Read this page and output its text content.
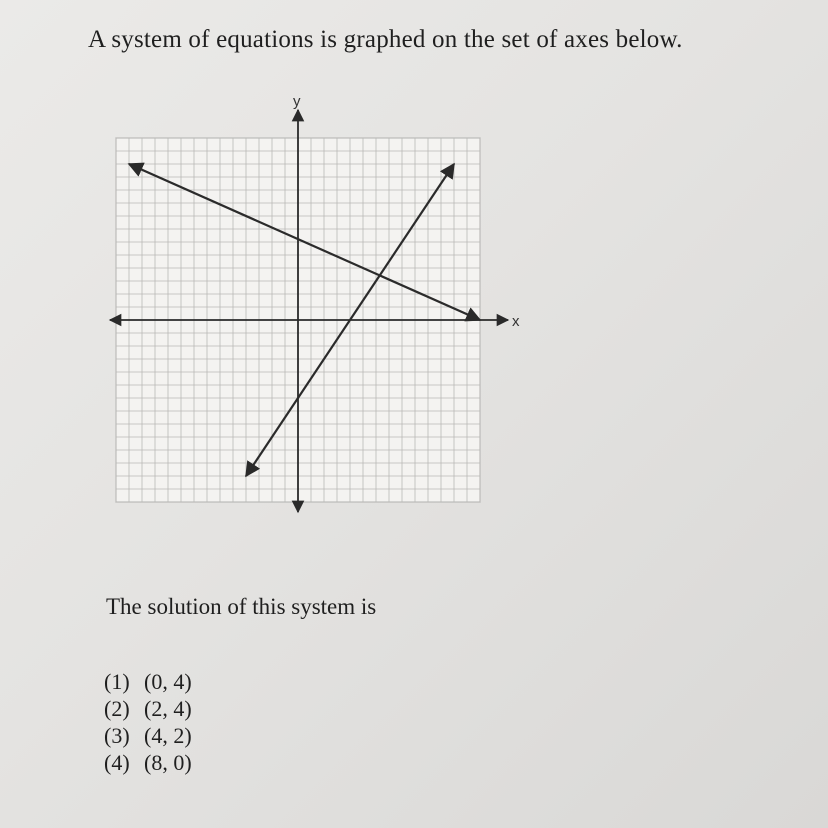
A system of equations is graphed on the set of axes below.
x
y
The solution of this system is
(1) (0, 4)
(2) (2, 4)
(3) (4, 2)
(4) (8, 0)
